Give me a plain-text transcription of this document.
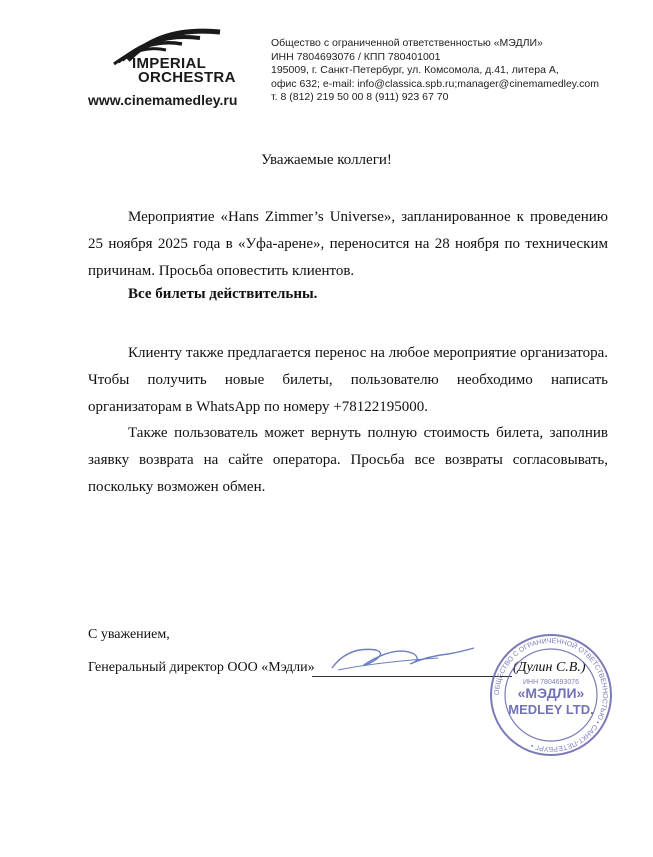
IMPERIAL
ORCHESTRA
www.cinemamedley.ru
Общество с ограниченной ответственностью «МЭДЛИ»
ИНН 7804693076 / КПП 780401001
195009, г. Санкт-Петербург, ул. Комсомола, д.41, литера А,
офис 632; e-mail: info@classica.spb.ru;manager@cinemamedley.com
т. 8 (812) 219 50 00 8 (911) 923 67 70
Уважаемые коллеги!
Мероприятие «Hans Zimmer’s Universe», запланированное к проведению 25 ноября 2025 года в «Уфа-арене», переносится на 28 ноября по техническим причинам. Просьба оповестить клиентов.
Все билеты действительны.
Клиенту также предлагается перенос на любое мероприятие организатора. Чтобы получить новые билеты, пользователю необходимо написать организаторам в WhatsApp по номеру +78122195000.
Также пользователь может вернуть полную стоимость билета, заполнив заявку возврата на сайте оператора. Просьба все возвраты согласовывать, поскольку возможен обмен.
С уважением,
Генеральный директор ООО «Мэдли»	(Дулин С.В.)
ОБЩЕСТВО С ОГРАНИЧЕННОЙ ОТВЕТСТВЕННОСТЬЮ • САНКТ-ПЕТЕРБУРГ •
ИНН 7804693076
«МЭДЛИ»
MEDLEY LTD.
